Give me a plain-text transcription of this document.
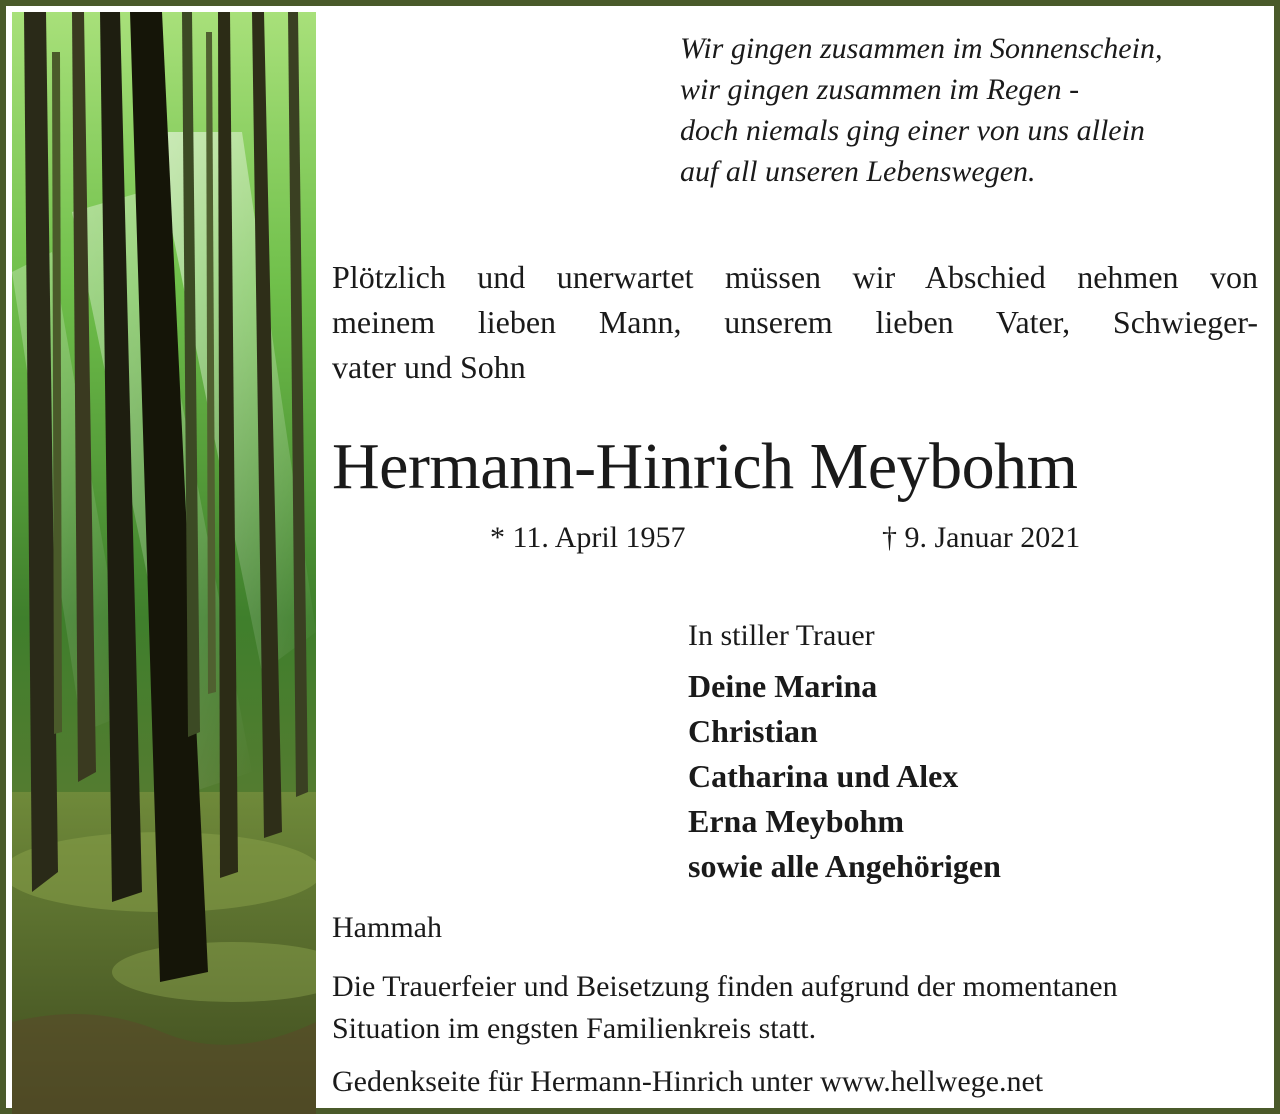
Wir gingen zusammen im Sonnenschein,
wir gingen zusammen im Regen -
doch niemals ging einer von uns allein
auf all unseren Lebenswegen.
Plötzlich und unerwartet müssen wir Abschied nehmen von
meinem lieben Mann, unserem lieben Vater, Schwieger-
vater und Sohn
Hermann-Hinrich Meybohm
* 11. April 1957	† 9. Januar 2021
In stiller Trauer
Deine Marina
Christian
Catharina und Alex
Erna Meybohm
sowie alle Angehörigen
Hammah
Die Trauerfeier und Beisetzung finden aufgrund der momentanen
Situation im engsten Familienkreis statt.
Gedenkseite für Hermann-Hinrich unter www.hellwege.net
